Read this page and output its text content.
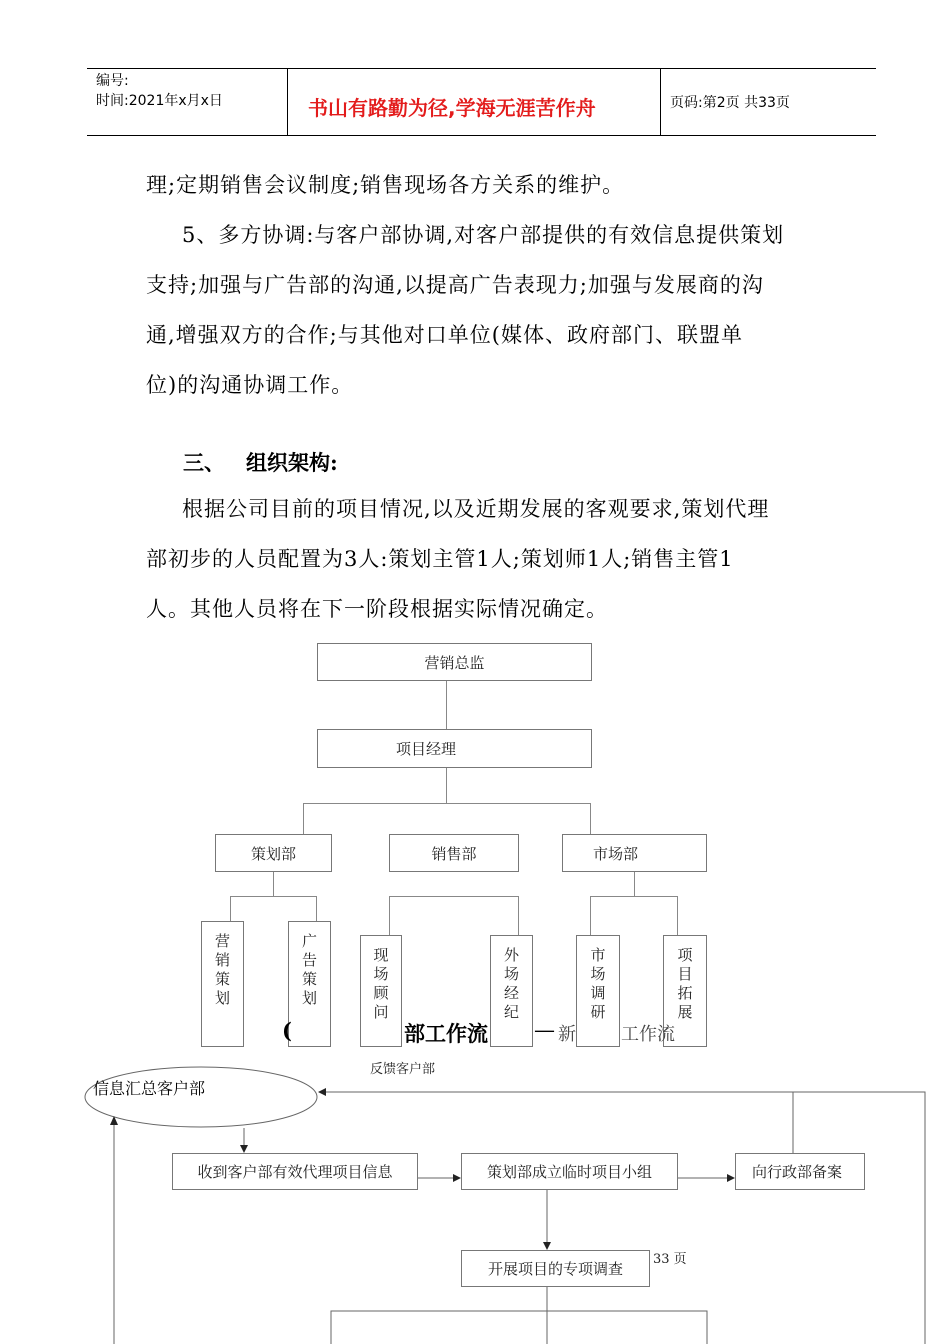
编号:
时间:2021年x月x日	书山有路勤为径,学海无涯苦作舟	页码:第2页 共33页
理;定期销售会议制度;销售现场各方关系的维护。
5、多方协调:与客户部协调,对客户部提供的有效信息提供策划
支持;加强与广告部的沟通,以提高广告表现力;加强与发展商的沟
通,增强双方的合作;与其他对口单位(媒体、政府部门、联盟单
位)的沟通协调工作。
三、 组织架构:
根据公司目前的项目情况,以及近期发展的客观要求,策划代理
部初步的人员配置为3人:策划主管1人;策划师1人;销售主管1
人。其他人员将在下一阶段根据实际情况确定。
营销总监
项目经理
策划部	销售部	市场部
营
销
策
划
广
告
策
划
现
场
顾
问
外
场
经
纪
市
场
调
研
项
目
拓
展
(	部工作流 — 新	工作流
反馈客户部
信息汇总客户部
收到客户部有效代理项目信息	策划部成立临时项目小组	向行政部备案
开展项目的专项调查
33 页
